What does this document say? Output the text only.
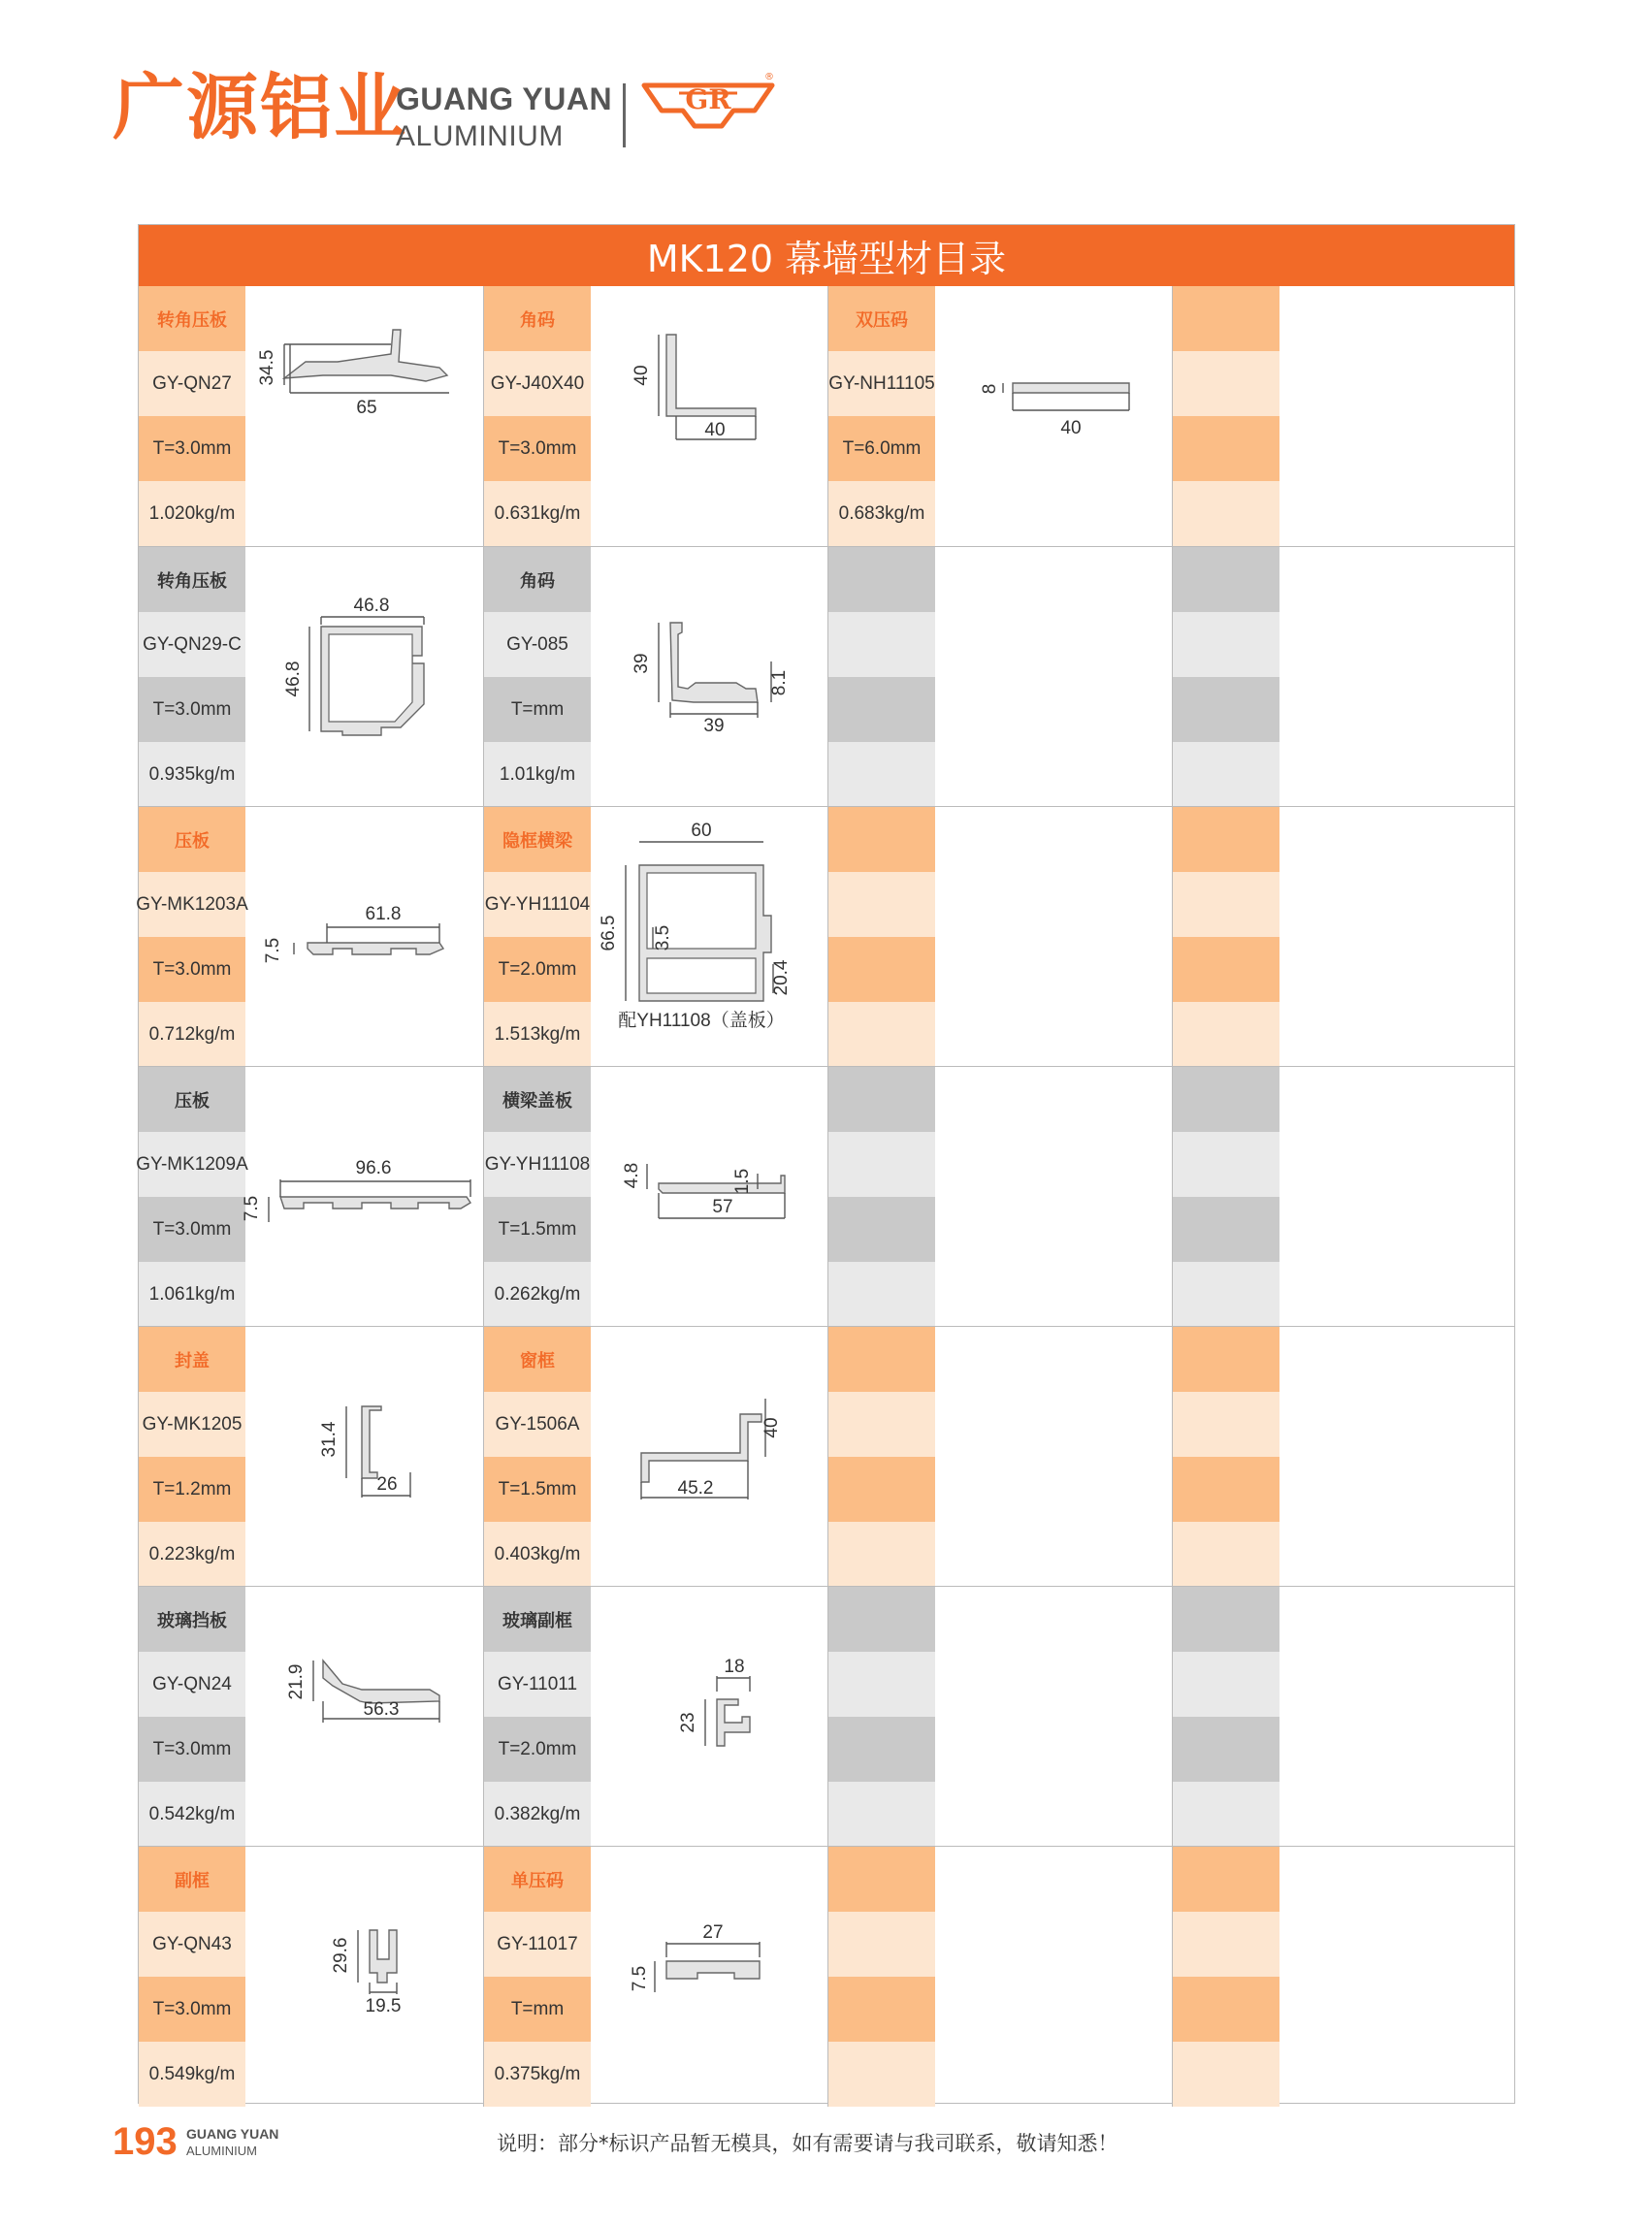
广源铝业
GUANG YUAN
ALUMINIUM
GR
®
MK120 幕墙型材目录
转角压板
GY-QN27
T=3.0mm
1.020kg/m
34.5
65
角码
GY-J40X40
T=3.0mm
0.631kg/m
40
40
双压码
GY-NH11105
T=6.0mm
0.683kg/m
8
40
转角压板
GY-QN29-C
T=3.0mm
0.935kg/m
46.8
46.8
角码
GY-085
T=mm
1.01kg/m
39
39
8.1
压板
GY-MK1203A
T=3.0mm
0.712kg/m
61.8
7.5
隐框横梁
GY-YH11104
T=2.0mm
1.513kg/m
60
66.5 3.5
20.4
配YH11108（盖板）
压板
GY-MK1209A
T=3.0mm
1.061kg/m
96.6
7.5
横梁盖板
GY-YH11108
T=1.5mm
0.262kg/m
4.8	1.5
57
封盖
GY-MK1205
T=1.2mm
0.223kg/m
31.4
26
窗框
GY-1506A
T=1.5mm
0.403kg/m
40
45.2
玻璃挡板
GY-QN24
T=3.0mm
0.542kg/m
21.9
56.3
玻璃副框
GY-11011
T=2.0mm
0.382kg/m
18
23
副框
GY-QN43
T=3.0mm
0.549kg/m
29.6
19.5
单压码
GY-11017
T=mm
0.375kg/m
27
7.5
193 GUANG YUAN
ALUMINIUM	说明：部分*标识产品暂无模具，如有需要请与我司联系，敬请知悉！
